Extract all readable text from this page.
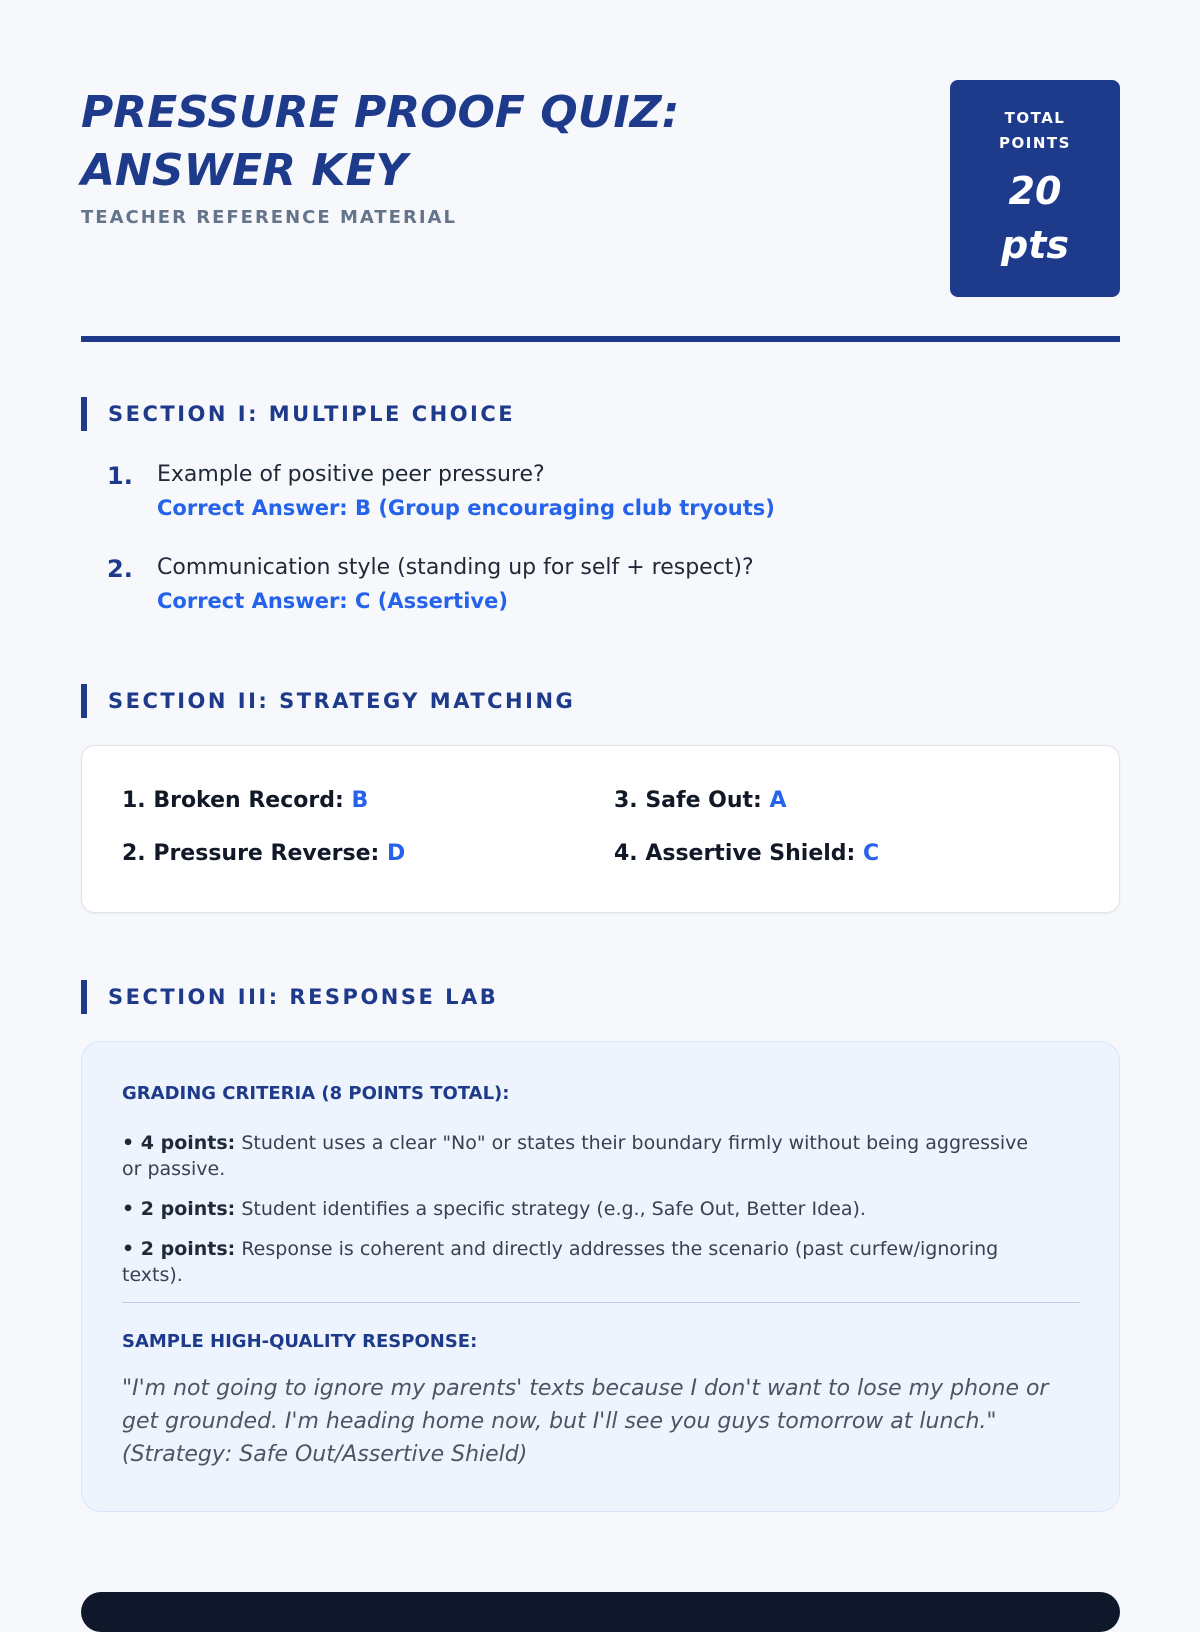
PRESSURE PROOF QUIZ: ANSWER KEY
TEACHER REFERENCE MATERIAL
TOTAL POINTS
20 pts
SECTION I: MULTIPLE CHOICE
1. Example of positive peer pressure?
Correct Answer: B (Group encouraging club tryouts)
2. Communication style (standing up for self + respect)?
Correct Answer: C (Assertive)
SECTION II: STRATEGY MATCHING
1. Broken Record: B
2. Pressure Reverse: D
3. Safe Out: A
4. Assertive Shield: C
SECTION III: RESPONSE LAB
GRADING CRITERIA (8 POINTS TOTAL):
• 4 points: Student uses a clear "No" or states their boundary firmly without being aggressive or passive.
• 2 points: Student identifies a specific strategy (e.g., Safe Out, Better Idea).
• 2 points: Response is coherent and directly addresses the scenario (past curfew/ignoring texts).
SAMPLE HIGH-QUALITY RESPONSE:
"I'm not going to ignore my parents' texts because I don't want to lose my phone or get grounded. I'm heading home now, but I'll see you guys tomorrow at lunch." (Strategy: Safe Out/Assertive Shield)
